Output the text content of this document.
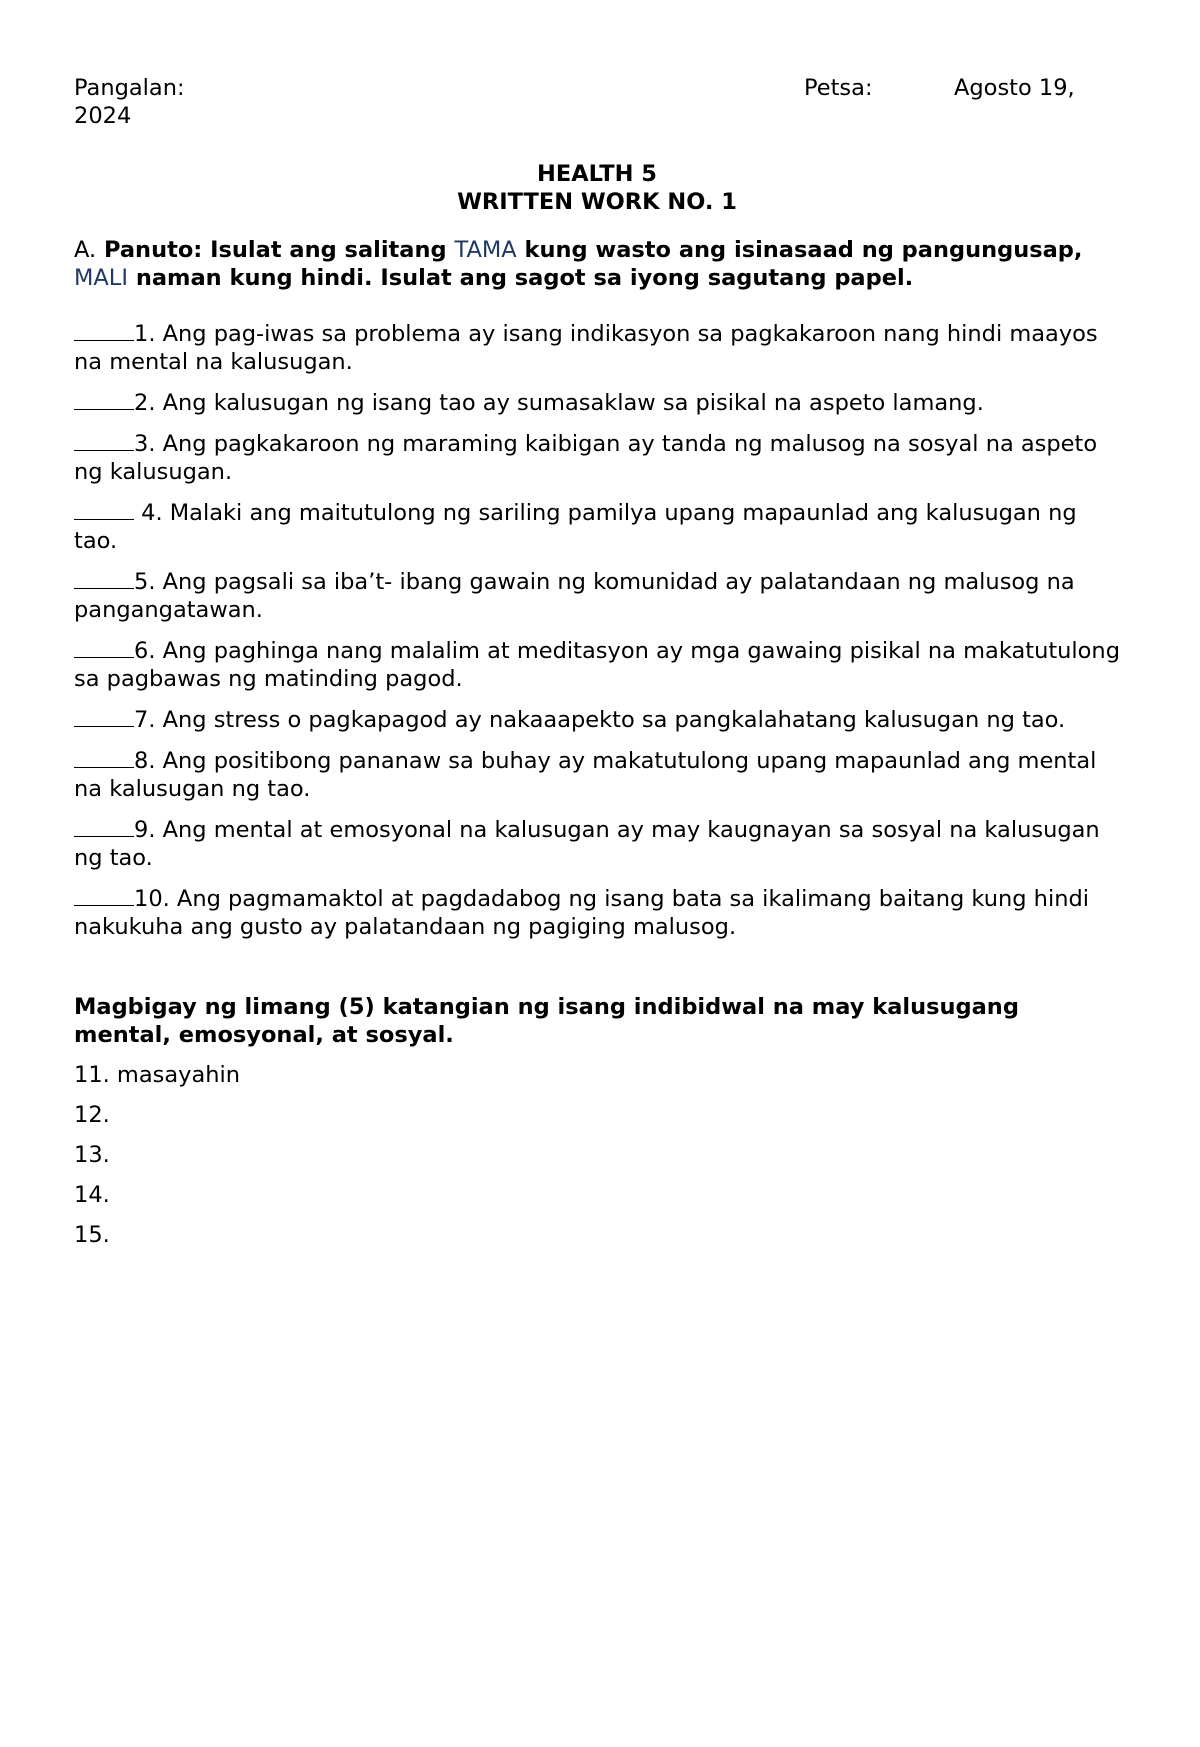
Pangalan:	Petsa:	Agosto 19,
2024
HEALTH 5
WRITTEN WORK NO. 1
A. Panuto: Isulat ang salitang TAMA kung wasto ang isinasaad ng pangungusap, MALI naman kung hindi. Isulat ang sagot sa iyong sagutang papel.
1. Ang pag-iwas sa problema ay isang indikasyon sa pagkakaroon nang hindi maayos na mental na kalusugan.
2. Ang kalusugan ng isang tao ay sumasaklaw sa pisikal na aspeto lamang.
3. Ang pagkakaroon ng maraming kaibigan ay tanda ng malusog na sosyal na aspeto ng kalusugan.
4. Malaki ang maitutulong ng sariling pamilya upang mapaunlad ang kalusugan ng tao.
5. Ang pagsali sa iba’t- ibang gawain ng komunidad ay palatandaan ng malusog na pangangatawan.
6. Ang paghinga nang malalim at meditasyon ay mga gawaing pisikal na makatutulong sa pagbawas ng matinding pagod.
7. Ang stress o pagkapagod ay nakaaapekto sa pangkalahatang kalusugan ng tao.
8. Ang positibong pananaw sa buhay ay makatutulong upang mapaunlad ang mental na kalusugan ng tao.
9. Ang mental at emosyonal na kalusugan ay may kaugnayan sa sosyal na kalusugan ng tao.
10. Ang pagmamaktol at pagdadabog ng isang bata sa ikalimang baitang kung hindi nakukuha ang gusto ay palatandaan ng pagiging malusog.
Magbigay ng limang (5) katangian ng isang indibidwal na may kalusugang mental, emosyonal, at sosyal.
11. masayahin
12.
13.
14.
15.
